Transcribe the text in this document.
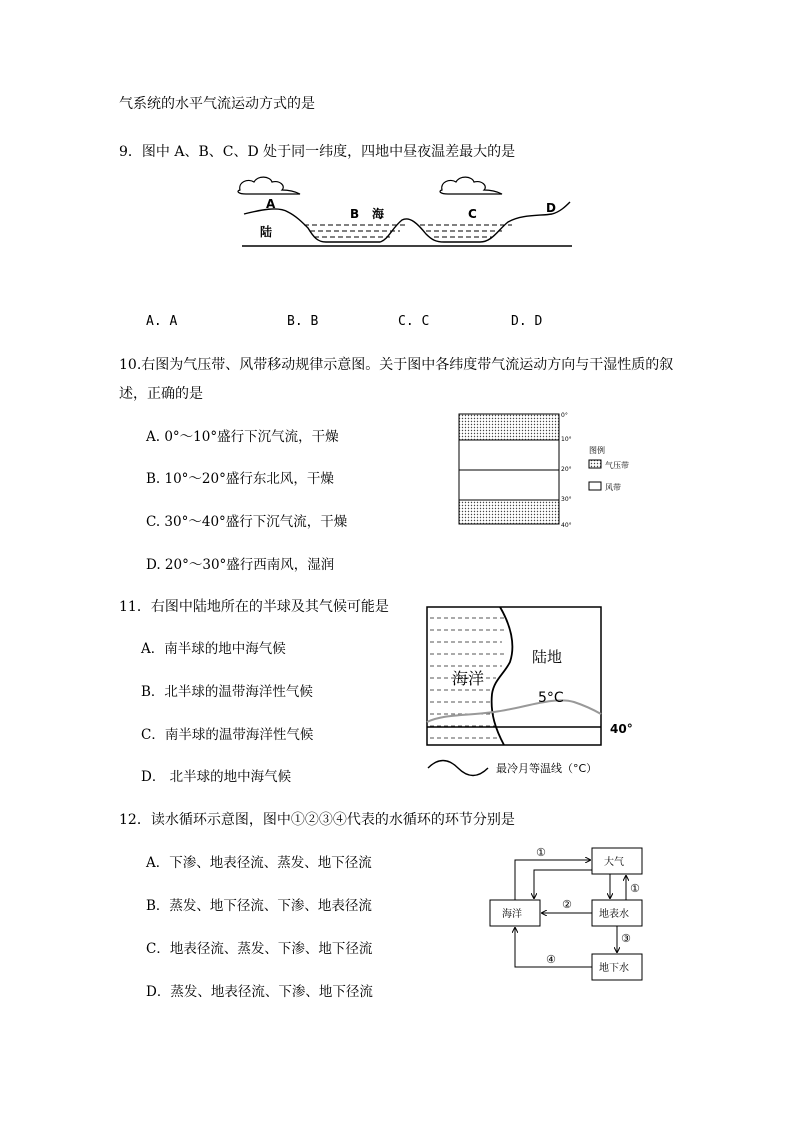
气系统的水平气流运动方式的是
9．图中 A、B、C、D 处于同一纬度，四地中昼夜温差最大的是
A
B 海	C	D
陆
A. A	B. B	C. C	D. D
10.右图为气压带、风带移动规律示意图。关于图中各纬度带气流运动方向与干湿性质的叙
述，正确的是
A. 0°～10°盛行下沉气流，干燥
B. 10°～20°盛行东北风，干燥
C. 30°～40°盛行下沉气流，干燥
D. 20°～30°盛行西南风，湿润
0°
10°
20°
30°
40°
图例
气压带
风带
11．右图中陆地所在的半球及其气候可能是
A．南半球的地中海气候
B．北半球的温带海洋性气候
C．南半球的温带海洋性气候
D． 北半球的地中海气候
海洋
陆地
5°C
40°
最冷月等温线（°C）
12．读水循环示意图，图中①②③④代表的水循环的环节分别是
A．下渗、地表径流、蒸发、地下径流
B．蒸发、地下径流、下渗、地表径流
C．地表径流、蒸发、下渗、地下径流
D．蒸发、地表径流、下渗、地下径流
大气
海洋	地表水
地下水
①
①
②
③
④
